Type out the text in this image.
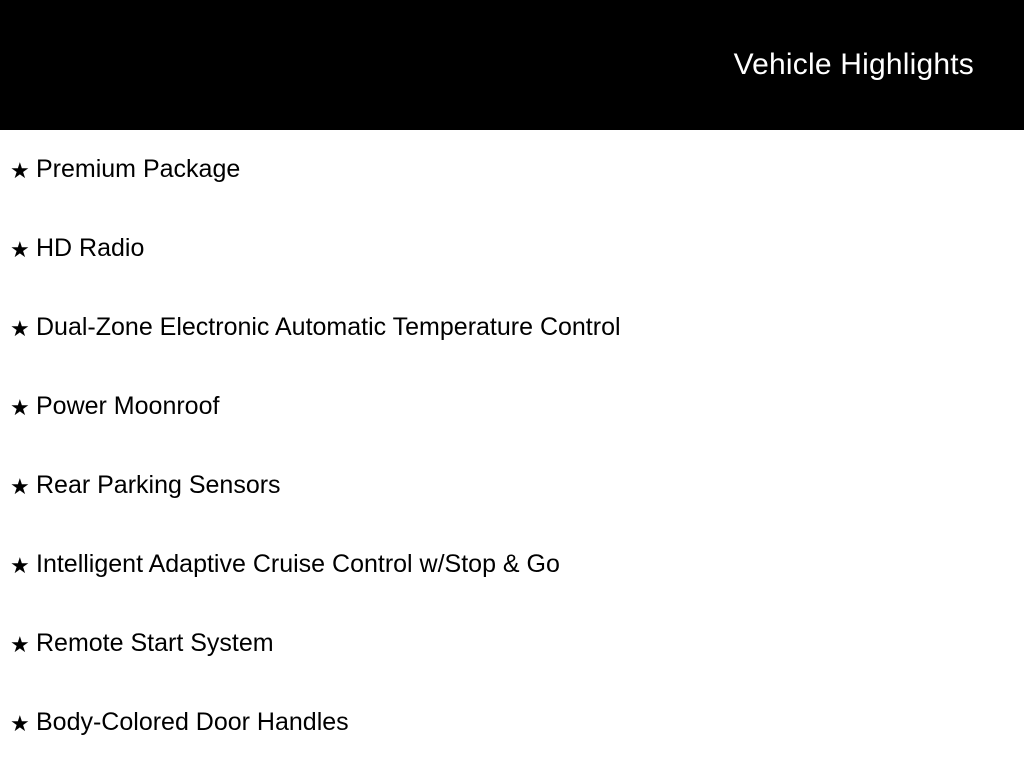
Vehicle Highlights
★ Premium Package
★ HD Radio
★ Dual-Zone Electronic Automatic Temperature Control
★ Power Moonroof
★ Rear Parking Sensors
★ Intelligent Adaptive Cruise Control w/Stop & Go
★ Remote Start System
★ Body-Colored Door Handles
